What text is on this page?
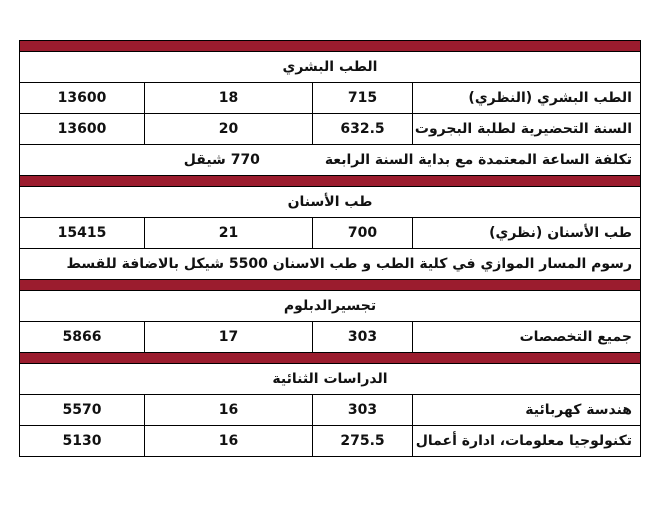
الطب البشري			
13600	18	715	الطب البشري (النظري)
13600	20	632.5	السنة التحضيرية لطلبة البجروت
تكلفة الساعة المعتمدة مع بداية السنة الرابعة 770 شيقل			

طب الأسنان			
15415	21	700	طب الأسنان (نظري)
رسوم المسار الموازي في كلية الطب و طب الاسنان 5500 شيكل بالاضافة للقسط			

تجسيرالدبلوم			
5866	17	303	جميع التخصصات

الدراسات الثنائية			
5570	16	303	هندسة كهربائية
5130	16	275.5	تكنولوجيا معلومات، ادارة أعمال
